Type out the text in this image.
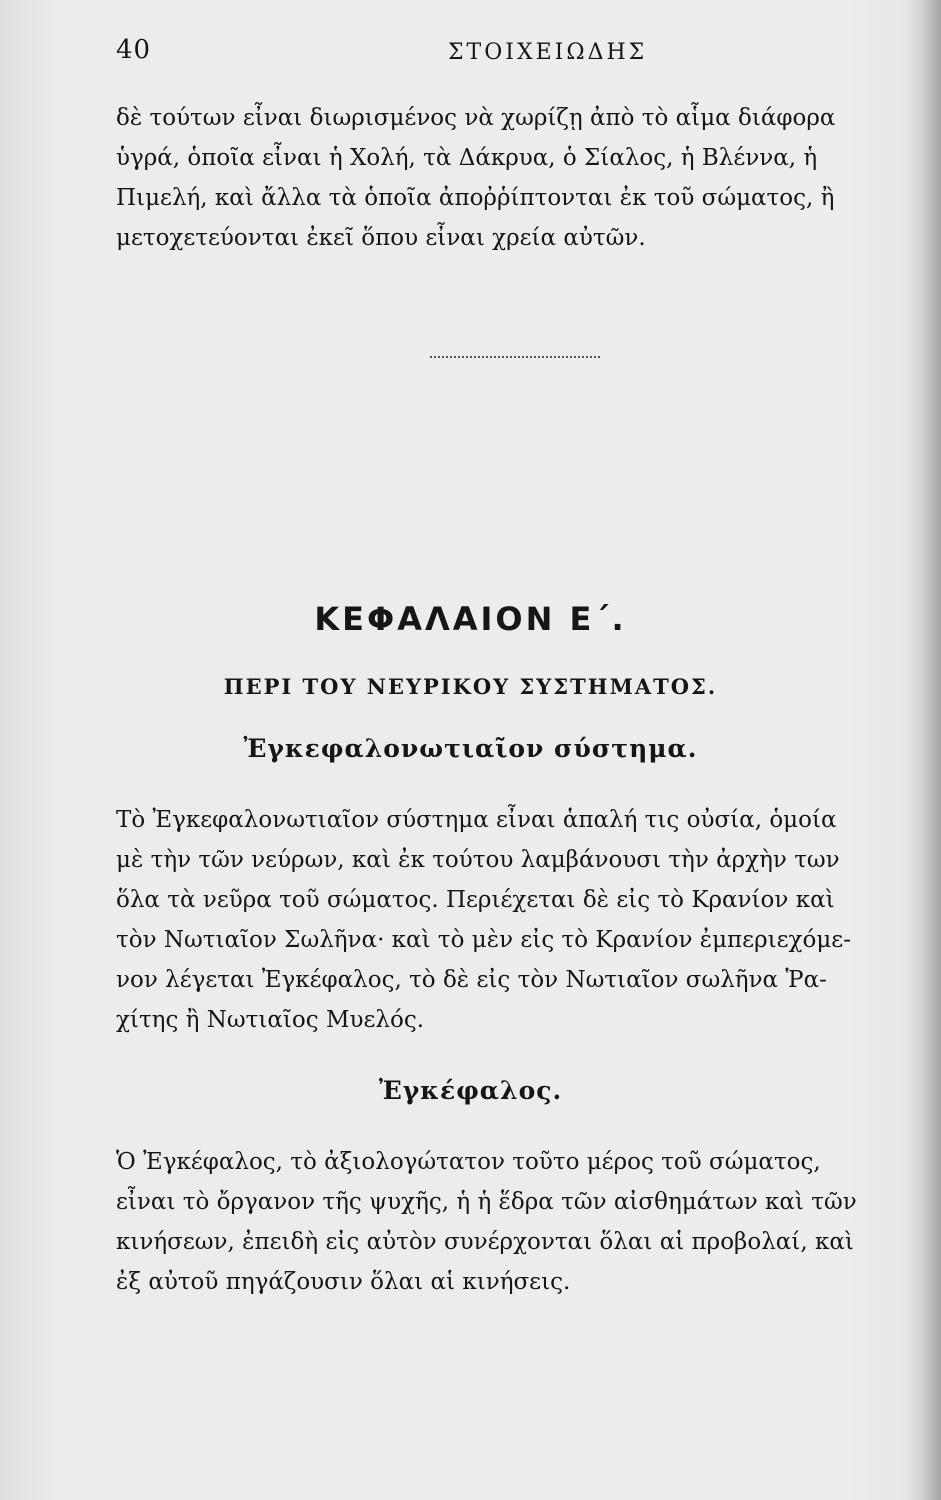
40	ΣΤΟΙΧΕΙΩΔΗΣ
δὲ τούτων εἶναι διωρισμένος νὰ χωρίζῃ ἀπὸ τὸ αἷμα διάφορα
ὑγρά, ὁποῖα εἶναι ἡ Χολή, τὰ Δάκρυα, ὁ Σίαλος, ἡ Βλέννα, ἡ
Πιμελή, καὶ ἄλλα τὰ ὁποῖα ἀποῤῥίπτονται ἐκ τοῦ σώματος, ἢ
μετοχετεύονται ἐκεῖ ὅπου εἶναι χρεία αὐτῶν.
ΚΕΦΑΛΑΙΟΝ Ε΄.
ΠΕΡΙ ΤΟΥ ΝΕΥΡΙΚΟΥ ΣΥΣΤΗΜΑΤΟΣ.
Ἐγκεφαλονωτιαῖον σύστημα.
Τὸ Ἐγκεφαλονωτιαῖον σύστημα εἶναι ἁπαλή τις οὐσία, ὁμοία
μὲ τὴν τῶν νεύρων, καὶ ἐκ τούτου λαμβάνουσι τὴν ἀρχὴν των
ὅλα τὰ νεῦρα τοῦ σώματος. Περιέχεται δὲ εἰς τὸ Κρανίον καὶ
τὸν Νωτιαῖον Σωλῆνα· καὶ τὸ μὲν εἰς τὸ Κρανίον ἐμπεριεχόμε-
νον λέγεται Ἐγκέφαλος, τὸ δὲ εἰς τὸν Νωτιαῖον σωλῆνα Ῥα-
χίτης ἢ Νωτιαῖος Μυελός.
Ἐγκέφαλος.
Ὁ Ἐγκέφαλος, τὸ ἀξιολογώτατον τοῦτο μέρος τοῦ σώματος,
εἶναι τὸ ὄργανον τῆς ψυχῆς, ἡ ἡ ἕδρα τῶν αἰσθημάτων καὶ τῶν
κινήσεων, ἐπειδὴ εἰς αὐτὸν συνέρχονται ὅλαι αἱ προβολαί, καὶ
ἐξ αὐτοῦ πηγάζουσιν ὅλαι αἱ κινήσεις.
